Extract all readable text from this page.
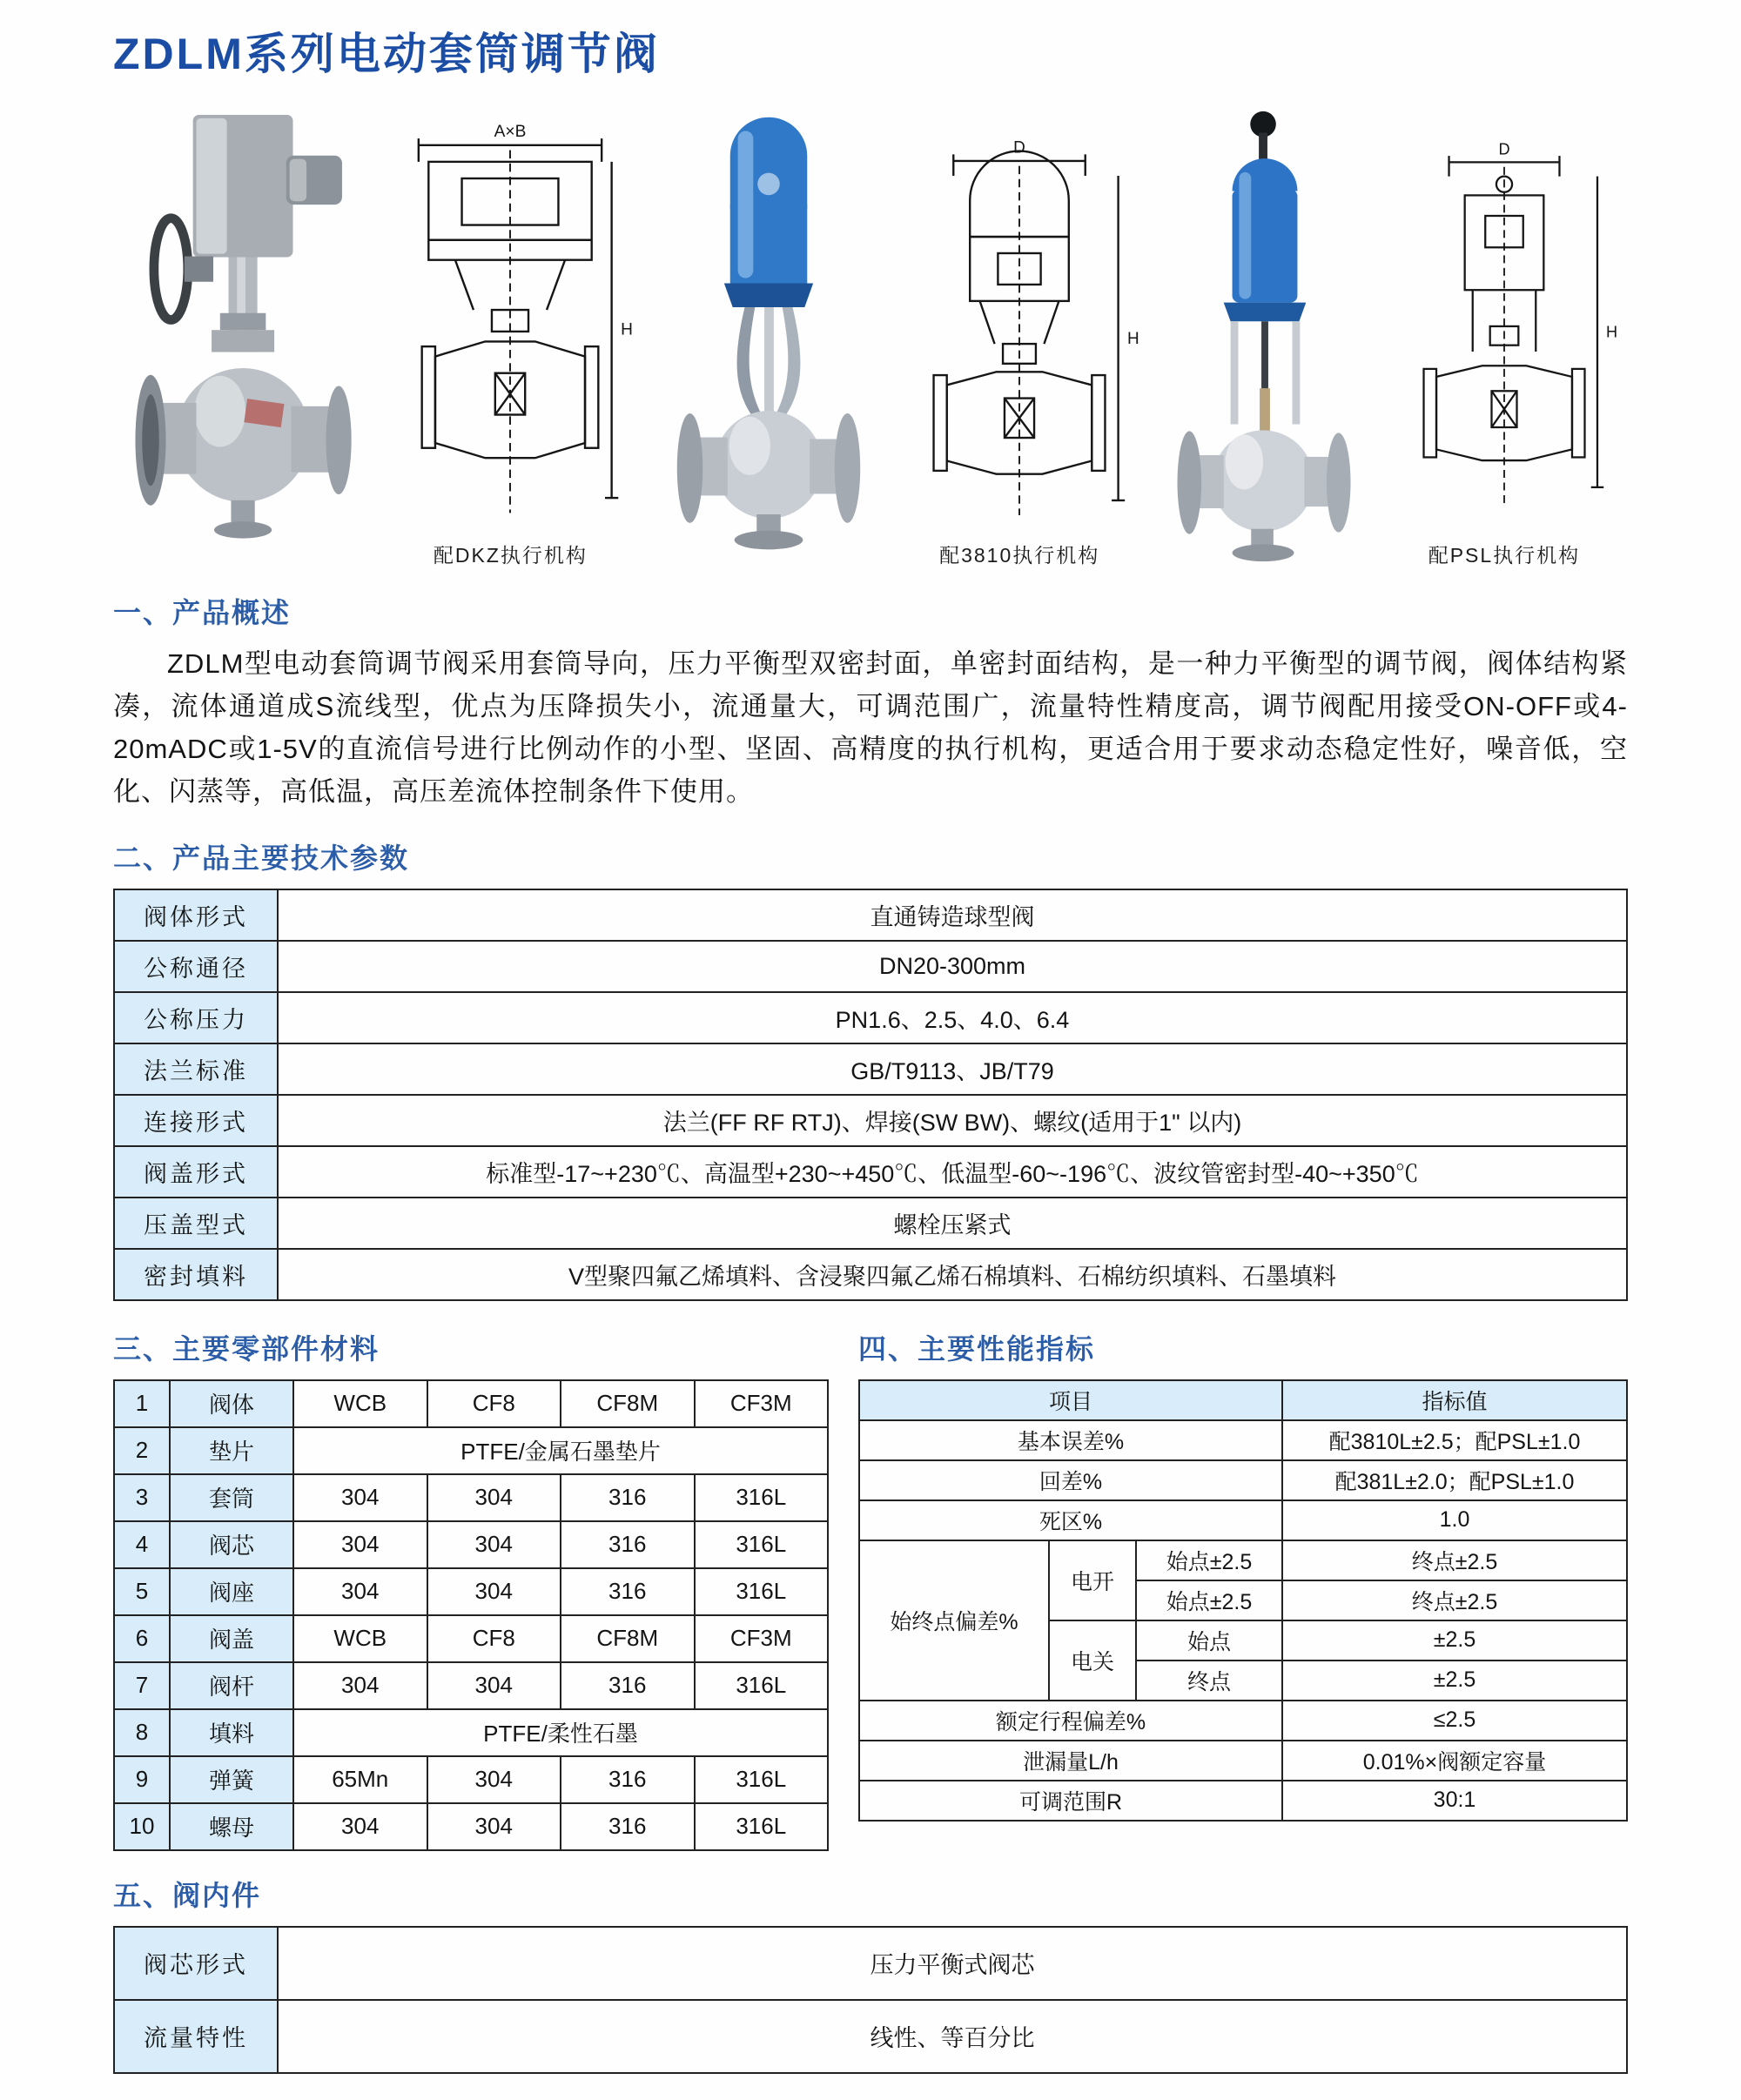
ZDLM系列电动套筒调节阀
A×B
H
配DKZ执行机构
D
H
配3810执行机构
D
H
配PSL执行机构
一、产品概述

ZDLM型电动套筒调节阀采用套筒导向，压力平衡型双密封面，单密封面结构，是一种力平衡型的调节阀，阀体结构紧凑，流体通道成S流线型，优点为压降损失小，流通量大，可调范围广，流量特性精度高，调节阀配用接受ON-OFF或4-20mADC或1-5V的直流信号进行比例动作的小型、坚固、高精度的执行机构，更适合用于要求动态稳定性好，噪音低，空化、闪蒸等，高低温，高压差流体控制条件下使用。

二、产品主要技术参数
阀体形式	直通铸造球型阀
公称通径	DN20-300mm
公称压力	PN1.6、2.5、4.0、6.4
法兰标准	GB/T9113、JB/T79
连接形式	法兰(FF RF RTJ)、焊接(SW BW)、螺纹(适用于1" 以内)
阀盖形式	标准型-17~+230℃、高温型+230~+450℃、低温型-60~-196℃、波纹管密封型-40~+350℃
压盖型式	螺栓压紧式
密封填料	V型聚四氟乙烯填料、含浸聚四氟乙烯石棉填料、石棉纺织填料、石墨填料
三、主要零部件材料
1	阀体	WCB	CF8	CF8M	CF3M
2	垫片	PTFE/金属石墨垫片			
3	套筒	304	304	316	316L
4	阀芯	304	304	316	316L
5	阀座	304	304	316	316L
6	阀盖	WCB	CF8	CF8M	CF3M
7	阀杆	304	304	316	316L
8	填料	PTFE/柔性石墨			
9	弹簧	65Mn	304	316	316L
10	螺母	304	304	316	316L
四、主要性能指标
项目			指标值
基本误差%			配3810L±2.5；配PSL±1.0
回差%			配381L±2.0；配PSL±1.0
死区%			1.0
始终点偏差%	电开	始点±2.5	终点±2.5
		始点±2.5	终点±2.5
	电关	始点	±2.5
		终点	±2.5
额定行程偏差%			≤2.5
泄漏量L/h			0.01%×阀额定容量
可调范围R			30:1
五、阀内件
阀芯形式	压力平衡式阀芯
流量特性	线性、等百分比
